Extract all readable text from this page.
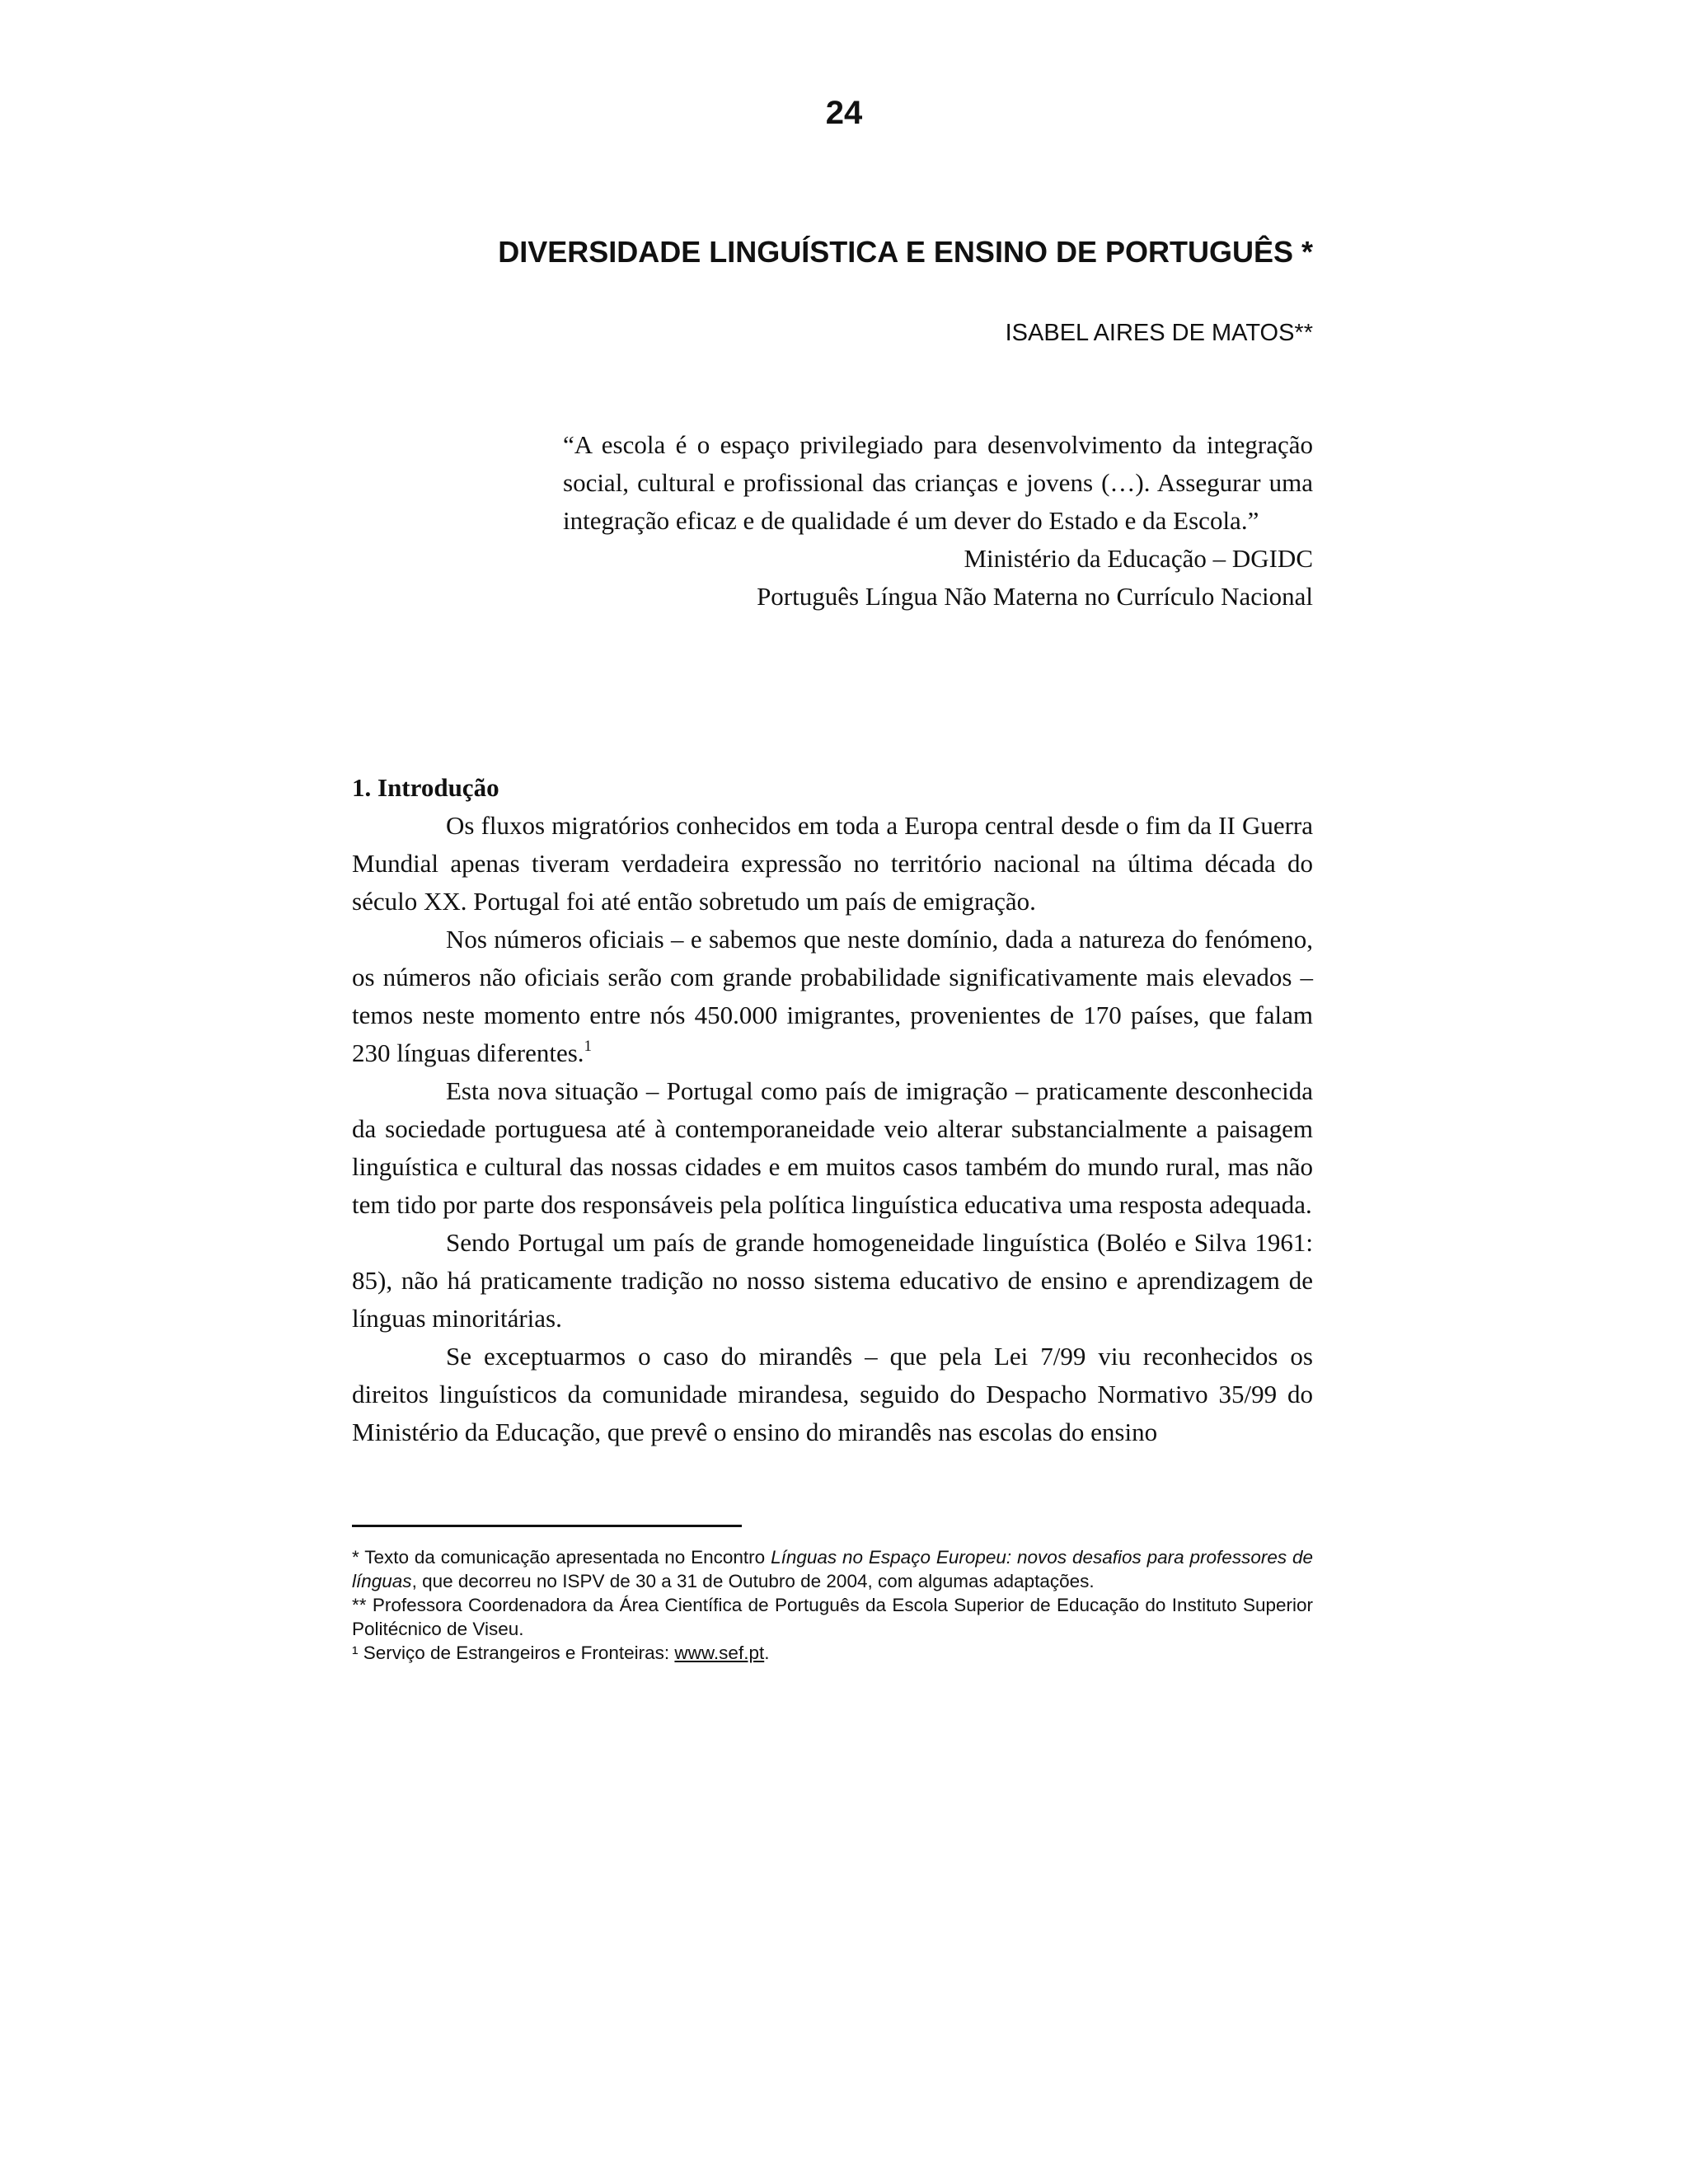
24
DIVERSIDADE LINGUÍSTICA E ENSINO DE PORTUGUÊS *
ISABEL AIRES DE MATOS**

“A escola é o espaço privilegiado para desenvolvimento da integração social, cultural e profissional das crianças e jovens (…). Assegurar uma integração eficaz e de qualidade é um dever do Estado e da Escola.”

Ministério da Educação – DGIDC

Português Língua Não Materna no Currículo Nacional

1. Introdução

Os fluxos migratórios conhecidos em toda a Europa central desde o fim da II Guerra Mundial apenas tiveram verdadeira expressão no território nacional na última década do século XX. Portugal foi até então sobretudo um país de emigração.

Nos números oficiais – e sabemos que neste domínio, dada a natureza do fenómeno, os números não oficiais serão com grande probabilidade significativamente mais elevados – temos neste momento entre nós 450.000 imigrantes, provenientes de 170 países, que falam 230 línguas diferentes.$^1$

Esta nova situação – Portugal como país de imigração – praticamente desconhecida da sociedade portuguesa até à contemporaneidade veio alterar substancialmente a paisagem linguística e cultural das nossas cidades e em muitos casos também do mundo rural, mas não tem tido por parte dos responsáveis pela política linguística educativa uma resposta adequada.

Sendo Portugal um país de grande homogeneidade linguística (Boléo e Silva 1961: 85), não há praticamente tradição no nosso sistema educativo de ensino e aprendizagem de línguas minoritárias.

Se exceptuarmos o caso do mirandês – que pela Lei 7/99 viu reconhecidos os direitos linguísticos da comunidade mirandesa, seguido do Despacho Normativo 35/99 do Ministério da Educação, que prevê o ensino do mirandês nas escolas do ensino

* Texto da comunicação apresentada no Encontro Línguas no Espaço Europeu: novos desafios para professores de línguas, que decorreu no ISPV de 30 a 31 de Outubro de 2004, com algumas adaptações.

** Professora Coordenadora da Área Científica de Português da Escola Superior de Educação do Instituto Superior Politécnico de Viseu.

¹ Serviço de Estrangeiros e Fronteiras: www.sef.pt.
